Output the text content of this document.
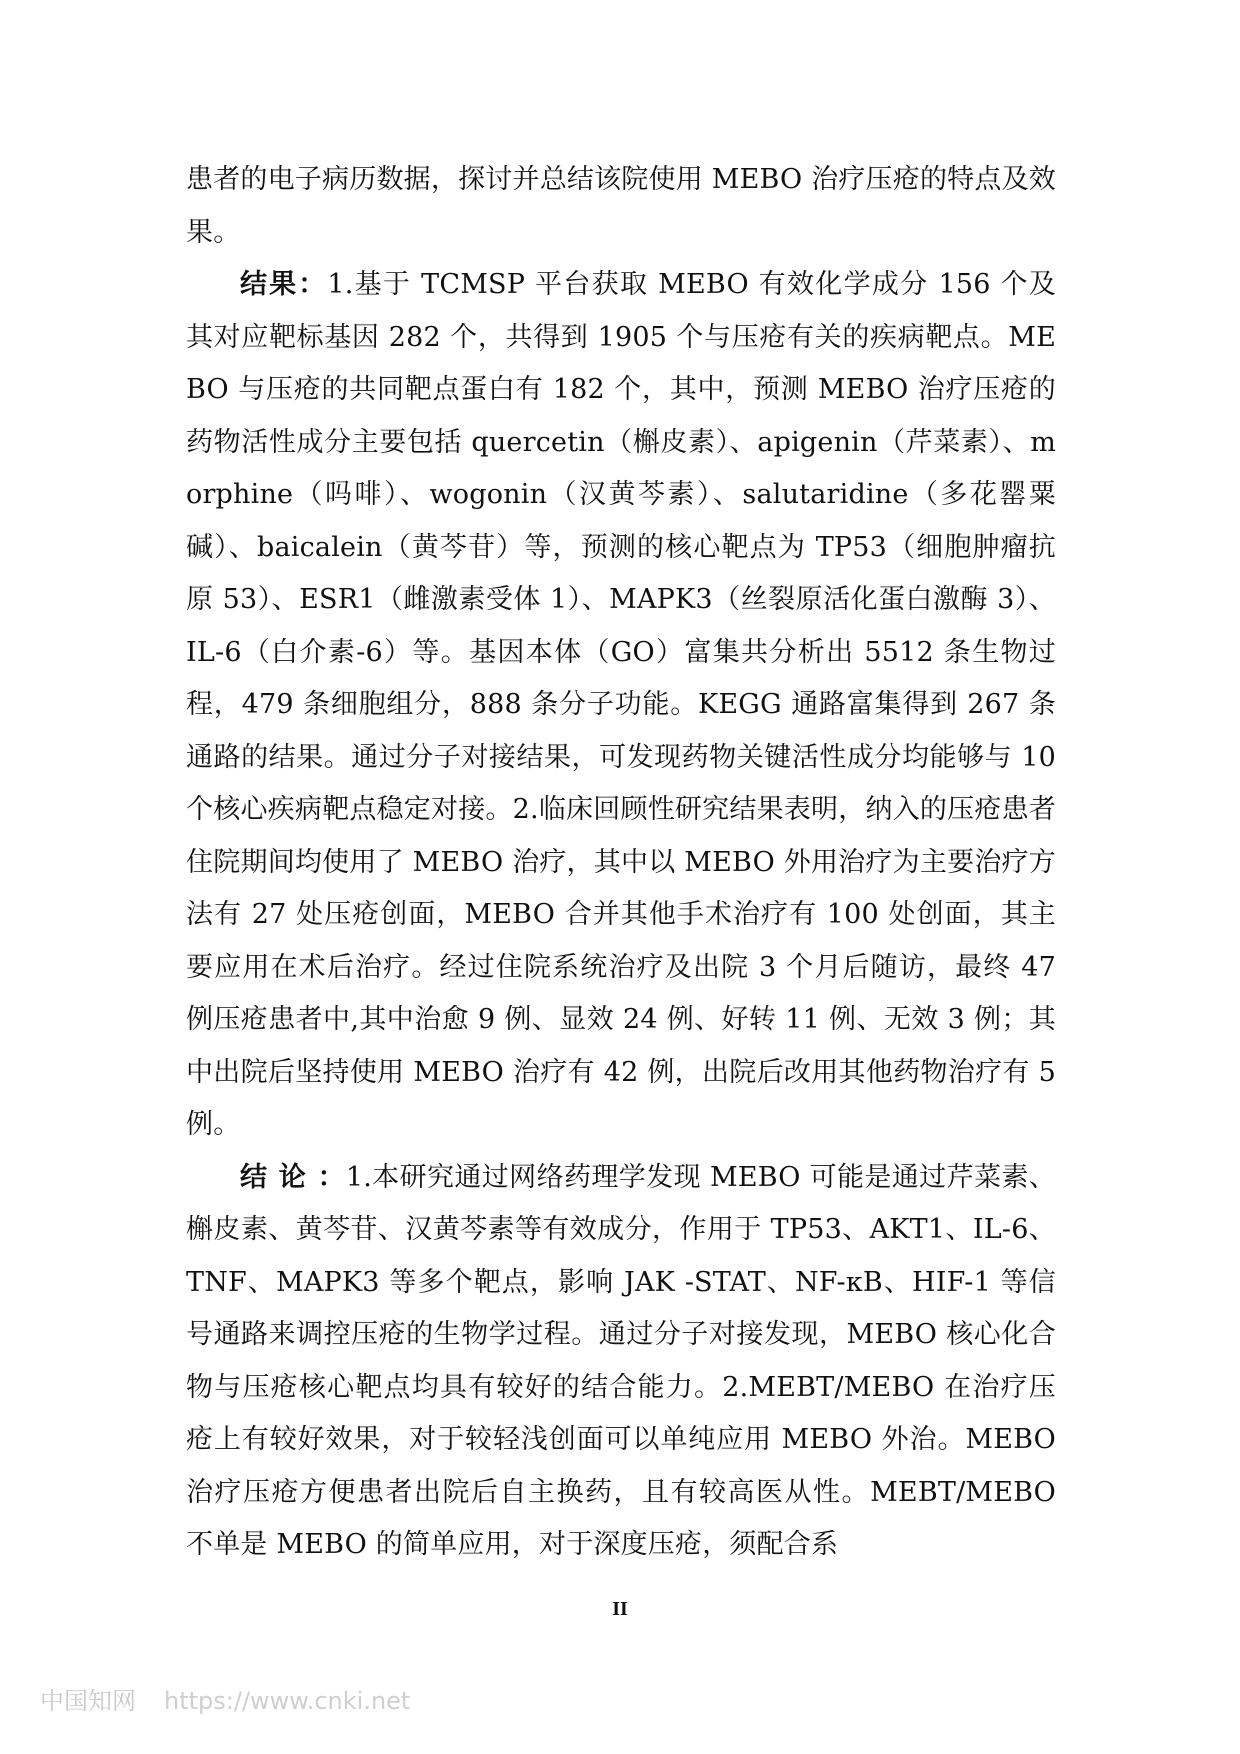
患者的电子病历数据，探讨并总结该院使用 MEBO 治疗压疮的特点及效果。

结果：1.基于 TCMSP 平台获取 MEBO 有效化学成分 156 个及其对应靶标基因 282 个，共得到 1905 个与压疮有关的疾病靶点。MEBO 与压疮的共同靶点蛋白有 182 个，其中，预测 MEBO 治疗压疮的药物活性成分主要包括 quercetin（槲皮素）、apigenin（芹菜素）、morphine（吗啡）、wogonin（汉黄芩素）、salutaridine（多花罂粟碱）、baicalein（黄芩苷）等，预测的核心靶点为 TP53（细胞肿瘤抗原 53）、ESR1（雌激素受体 1）、MAPK3（丝裂原活化蛋白激酶 3）、IL-6（白介素-6）等。基因本体（GO）富集共分析出 5512 条生物过程，479 条细胞组分，888 条分子功能。KEGG 通路富集得到 267 条通路的结果。通过分子对接结果，可发现药物关键活性成分均能够与 10 个核心疾病靶点稳定对接。2.临床回顾性研究结果表明，纳入的压疮患者住院期间均使用了 MEBO 治疗，其中以 MEBO 外用治疗为主要治疗方法有 27 处压疮创面，MEBO 合并其他手术治疗有 100 处创面，其主要应用在术后治疗。经过住院系统治疗及出院 3 个月后随访，最终 47 例压疮患者中,其中治愈 9 例、显效 24 例、好转 11 例、无效 3 例；其中出院后坚持使用 MEBO 治疗有 42 例，出院后改用其他药物治疗有 5 例。

结 论 ：1.本研究通过网络药理学发现 MEBO 可能是通过芹菜素、槲皮素、黄芩苷、汉黄芩素等有效成分，作用于 TP53、AKT1、IL-6、TNF、MAPK3 等多个靶点，影响 JAK -STAT、NF-κB、HIF-1 等信号通路来调控压疮的生物学过程。通过分子对接发现，MEBO 核心化合物与压疮核心靶点均具有较好的结合能力。2.MEBT/MEBO 在治疗压疮上有较好效果，对于较轻浅创面可以单纯应用 MEBO 外治。MEBO 治疗压疮方便患者出院后自主换药，且有较高医从性。MEBT/MEBO 不单是 MEBO 的简单应用，对于深度压疮，须配合系

II
中国知网 https://www.cnki.net
